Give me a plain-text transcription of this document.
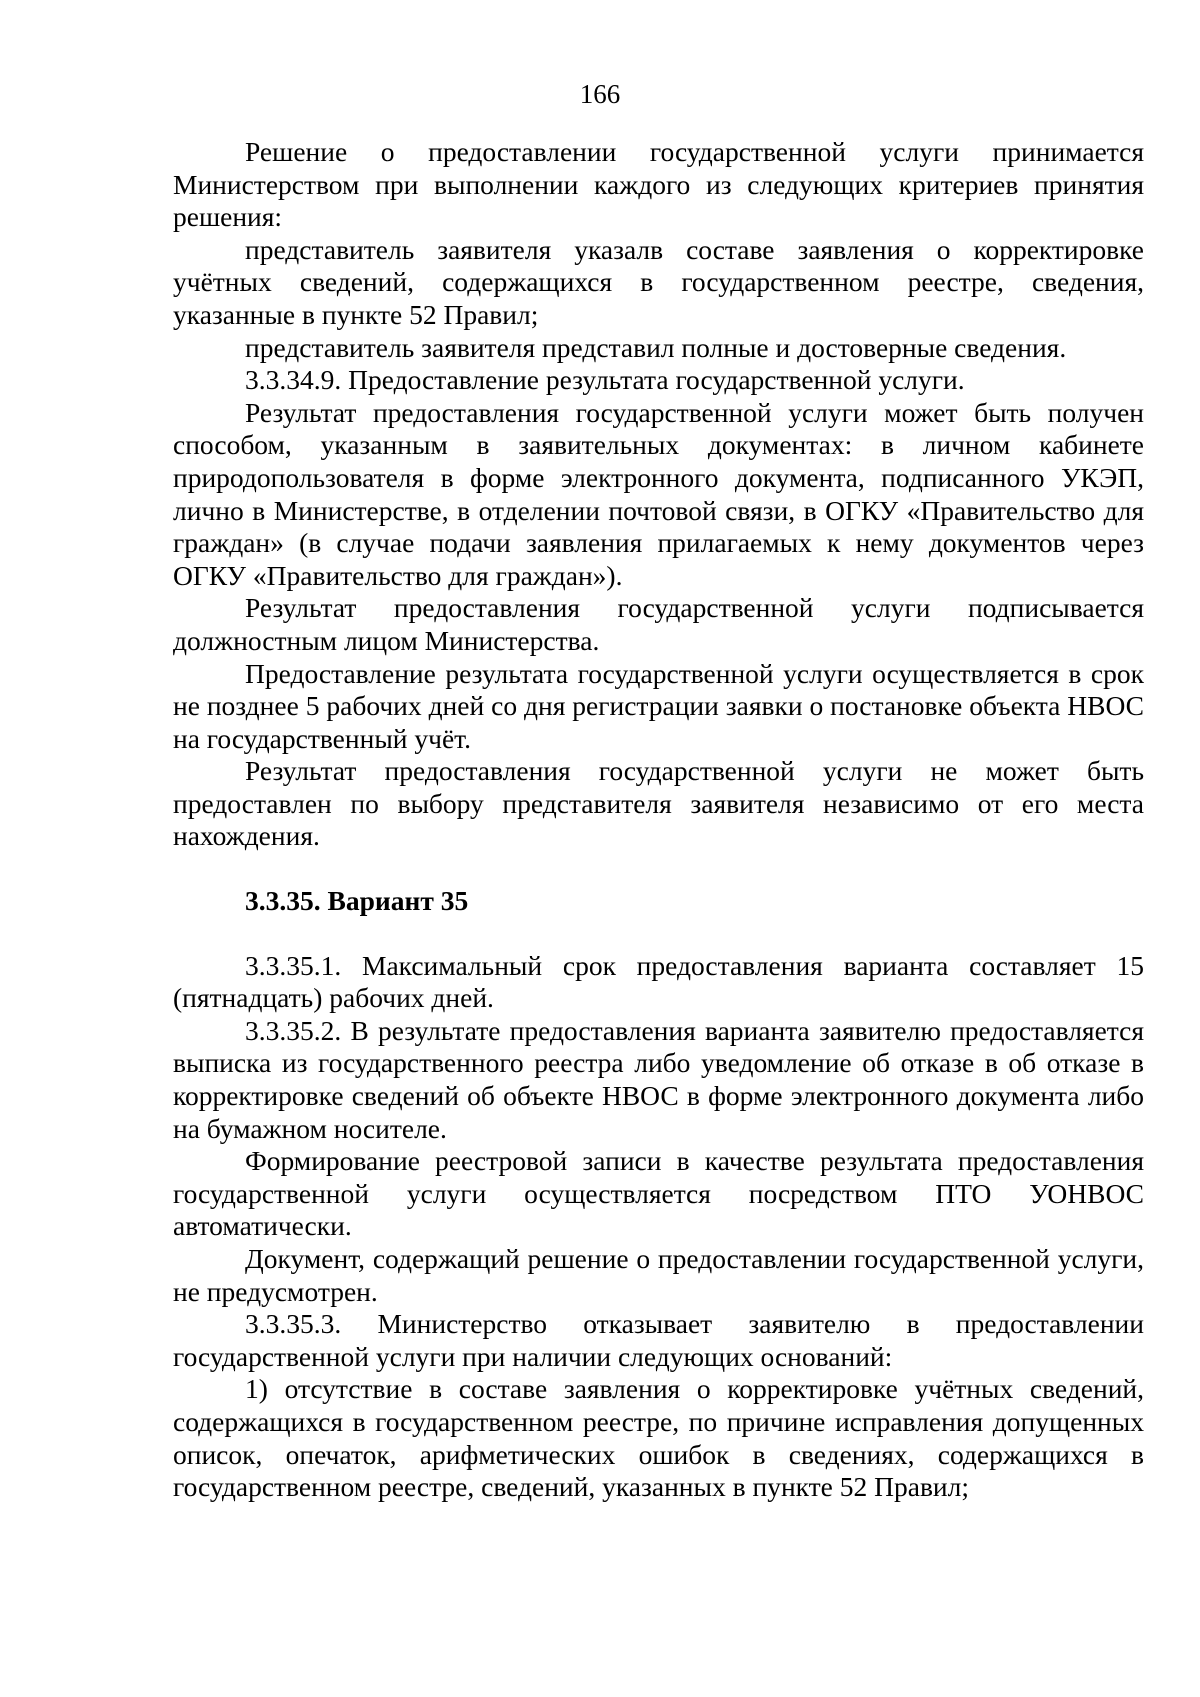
166

Решение о предоставлении государственной услуги принимается Министерством при выполнении каждого из следующих критериев принятия решения:

представитель заявителя указалв составе заявления о корректировке учётных сведений, содержащихся в государственном реестре, сведения, указанные в пункте 52 Правил;

представитель заявителя представил полные и достоверные сведения.

3.3.34.9. Предоставление результата государственной услуги.

Результат предоставления государственной услуги может быть получен способом, указанным в заявительных документах: в личном кабинете природопользователя в форме электронного документа, подписанного УКЭП, лично в Министерстве, в отделении почтовой связи, в ОГКУ «Правительство для граждан» (в случае подачи заявления прилагаемых к нему документов через ОГКУ «Правительство для граждан»).

Результат предоставления государственной услуги подписывается должностным лицом Министерства.

Предоставление результата государственной услуги осуществляется в срок не позднее 5 рабочих дней со дня регистрации заявки о постановке объекта НВОС на государственный учёт.

Результат предоставления государственной услуги не может быть предоставлен по выбору представителя заявителя независимо от его места нахождения.

3.3.35. Вариант 35

3.3.35.1. Максимальный срок предоставления варианта составляет 15 (пятнадцать) рабочих дней.

3.3.35.2. В результате предоставления варианта заявителю предоставляется выписка из государственного реестра либо уведомление об отказе в об отказе в корректировке сведений об объекте НВОС в форме электронного документа либо на бумажном носителе.

Формирование реестровой записи в качестве результата предоставления государственной услуги осуществляется посредством ПТО УОНВОС автоматически.

Документ, содержащий решение о предоставлении государственной услуги, не предусмотрен.

3.3.35.3. Министерство отказывает заявителю в предоставлении государственной услуги при наличии следующих оснований:

1) отсутствие в составе заявления о корректировке учётных сведений, содержащихся в государственном реестре, по причине исправления допущенных описок, опечаток, арифметических ошибок в сведениях, содержащихся в государственном реестре, сведений, указанных в пункте 52 Правил;
